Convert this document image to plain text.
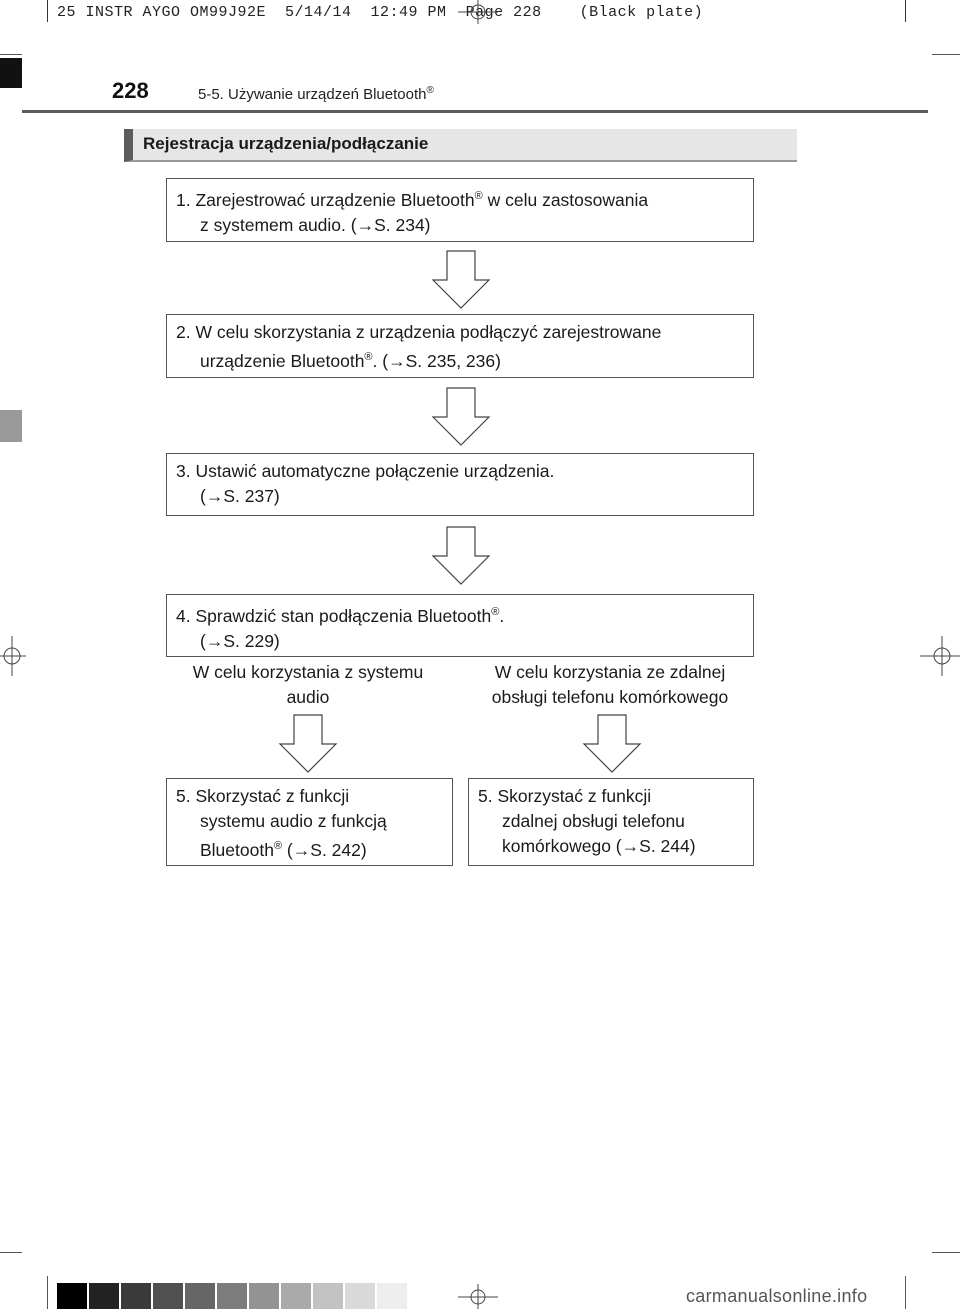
25 INSTR AYGO OM99J92E  5/14/14  12:49 PM  Page 228    (Black plate)
228	5-5. Używanie urządzeń Bluetooth®
Rejestracja urządzenia/podłączanie
1. Zarejestrować urządzenie Bluetooth® w celu zastosowania
z systemem audio. (→S. 234)
2. W celu skorzystania z urządzenia podłączyć zarejestrowane
urządzenie Bluetooth®. (→S. 235, 236)
3. Ustawić automatyczne połączenie urządzenia.
(→S. 237)
4. Sprawdzić stan podłączenia Bluetooth®.
(→S. 229)
W celu korzystania z systemu
audio
W celu korzystania ze zdalnej
obsługi telefonu komórkowego
5. Skorzystać z funkcji
systemu audio z funkcją
Bluetooth® (→S. 242)
5. Skorzystać z funkcji
zdalnej obsługi telefonu
komórkowego (→S. 244)
carmanualsonline.info
